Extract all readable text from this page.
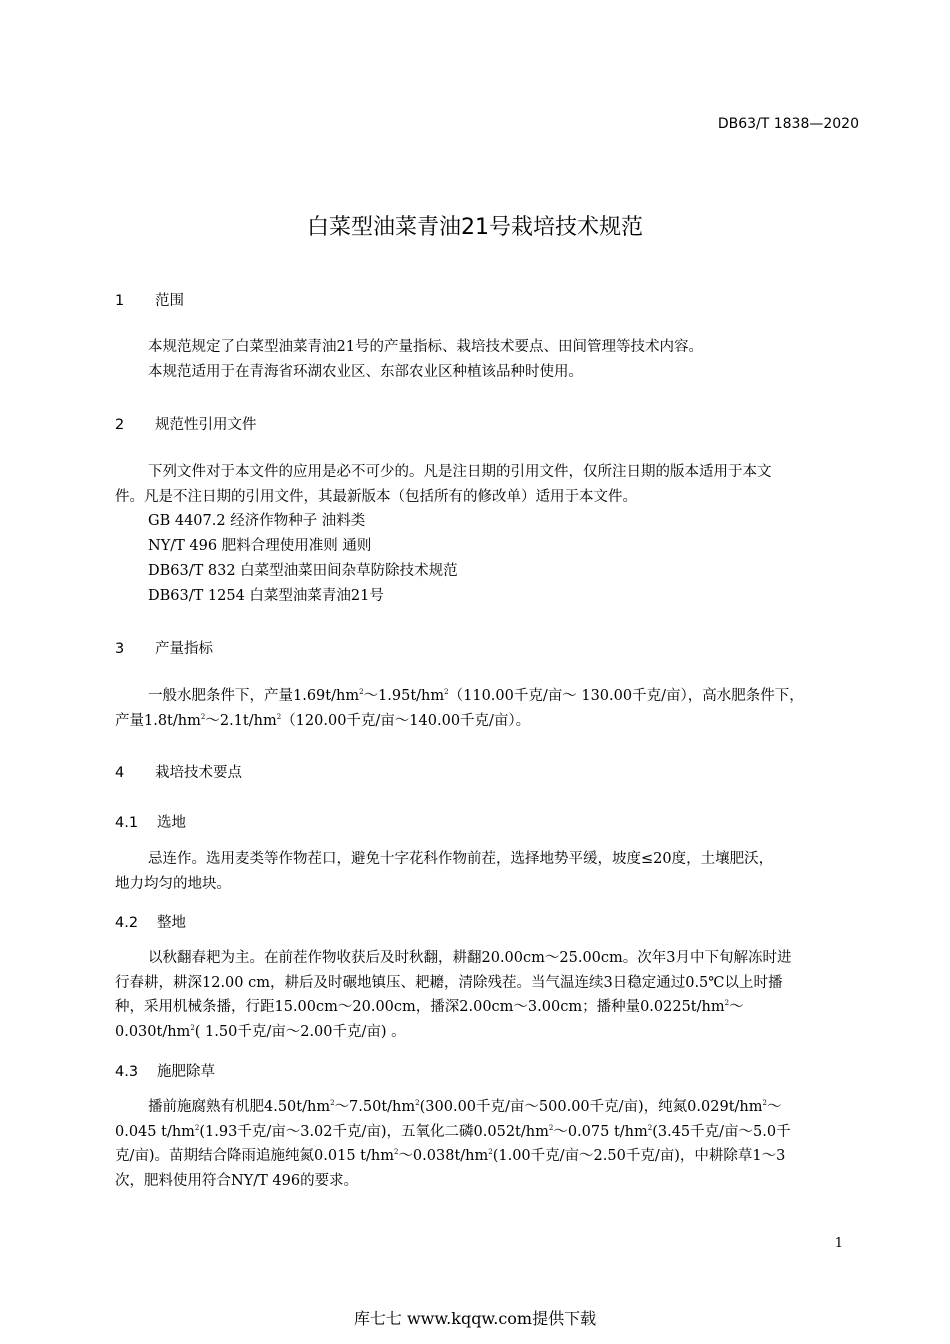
DB63/T 1838—2020
白菜型油菜青油21号栽培技术规范
1 范围
本规范规定了白菜型油菜青油21号的产量指标、栽培技术要点、田间管理等技术内容。
本规范适用于在青海省环湖农业区、东部农业区种植该品种时使用。
2 规范性引用文件
下列文件对于本文件的应用是必不可少的。凡是注日期的引用文件，仅所注日期的版本适用于本文
件。凡是不注日期的引用文件，其最新版本（包括所有的修改单）适用于本文件。
GB 4407.2 经济作物种子 油料类
NY/T 496 肥料合理使用准则 通则
DB63/T 832 白菜型油菜田间杂草防除技术规范
DB63/T 1254 白菜型油菜青油21号
3 产量指标
一般水肥条件下，产量$1.69t/hm^2\sim 1.95t/hm^2(110.00$千克/亩～ 130.00千克/亩），高水肥条件下，
产量$1.8t/hm^2\sim 2.1t/hm^2(120.00$千克/亩～140.00千克/亩）。
4 栽培技术要点
4.1 选地
忌连作。选用麦类等作物茬口，避免十字花科作物前茬，选择地势平缓，坡度≤20度，土壤肥沃，
地力均匀的地块。
4.2 整地
以秋翻春耙为主。在前茬作物收获后及时秋翻，耕翻20.00cm～25.00cm。次年3月中下旬解冻时进
行春耕，耕深12.00 cm，耕后及时碾地镇压、耙耱，清除残茬。当气温连续3日稳定通过0.5℃以上时播
种，采用机械条播，行距15.00cm～20.00cm，播深2.00cm～3.00cm；播种量$0.0225t/hm^2\sim$
$0.030t/hm^2$( 1.50千克/亩～2.00千克/亩) 。
4.3 施肥除草
播前施腐熟有机肥$4.50t/hm^2\sim 7.50t/hm^2(300.00$千克/亩～500.00千克/亩)，纯氮$0.029t/hm^2\sim$
0.045 $t/hm^2(1.93$千克/亩～3.02千克/亩)，五氧化二磷$0.052t/hm^2\sim 0.075$ $t/hm^2(3.45$千克/亩～5.0千
克/亩)。苗期结合降雨追施纯氮0.015 $t/hm^2\sim 0.038t/hm^2(1.00$千克/亩～2.50千克/亩)，中耕除草1～3
次，肥料使用符合NY/T 496的要求。
1
库七七 www.kqqw.com提供下载
